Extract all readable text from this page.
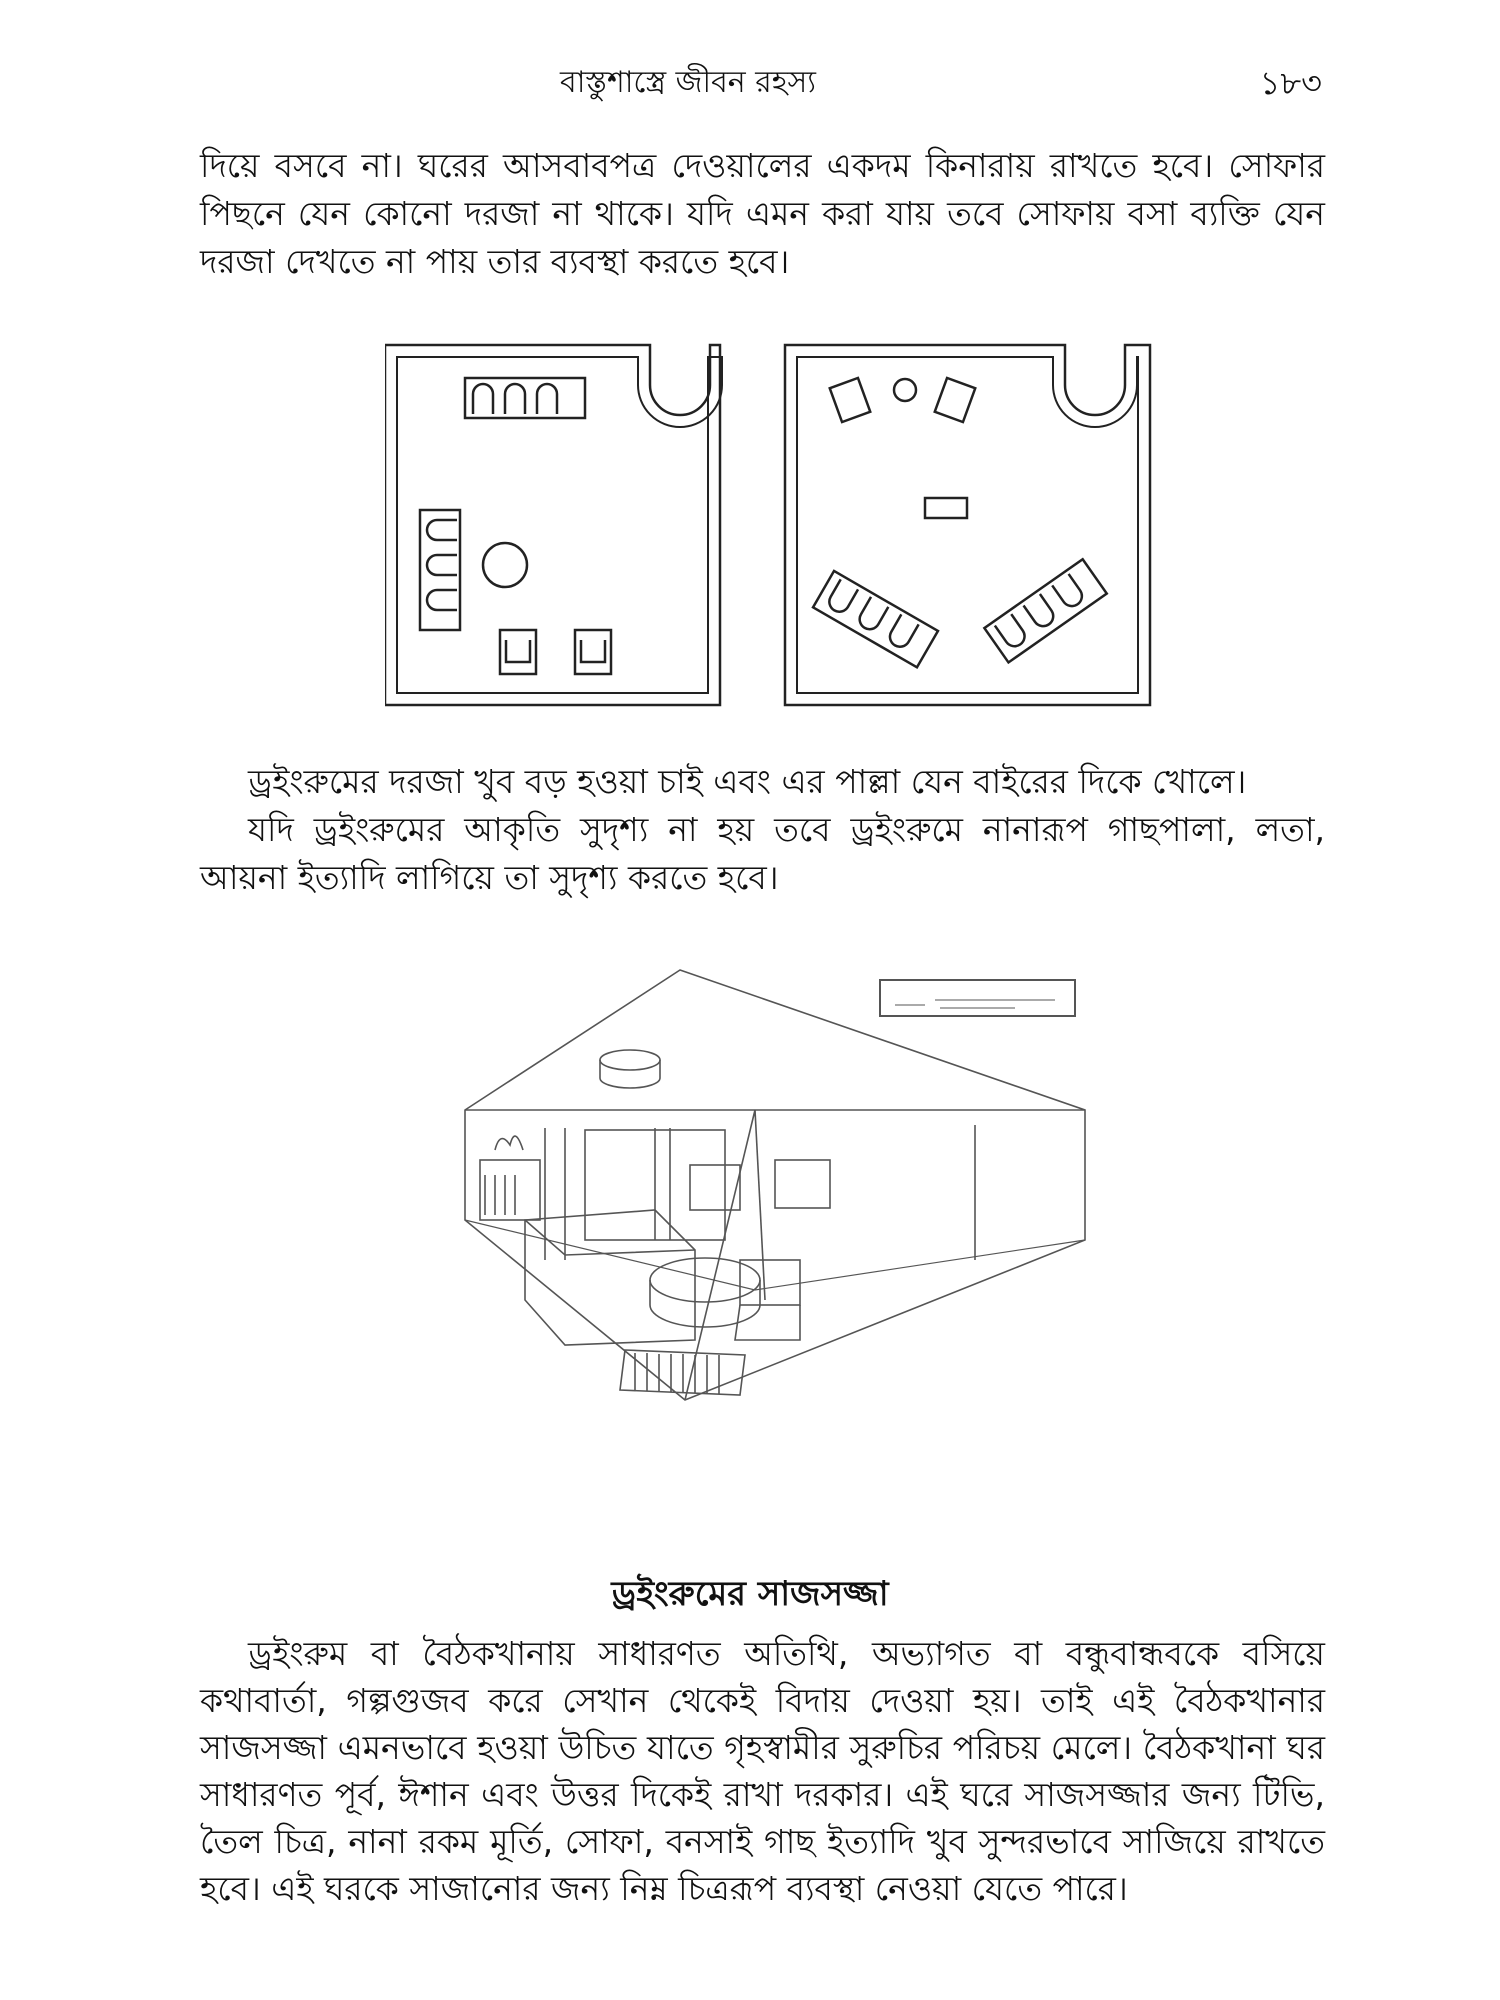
বাস্তুশাস্ত্রে জীবন রহস্য	১৮৩

দিয়ে বসবে না। ঘরের আসবাবপত্র দেওয়ালের একদম কিনারায় রাখতে হবে। সোফার পিছনে যেন কোনো দরজা না থাকে। যদি এমন করা যায় তবে সোফায় বসা ব্যক্তি যেন দরজা দেখতে না পায় তার ব্যবস্থা করতে হবে।

ড্রইংরুমের দরজা খুব বড় হওয়া চাই এবং এর পাল্লা যেন বাইরের দিকে খোলে।

যদি ড্রইংরুমের আকৃতি সুদৃশ্য না হয় তবে ড্রইংরুমে নানারূপ গাছপালা, লতা, আয়না ইত্যাদি লাগিয়ে তা সুদৃশ্য করতে হবে।

ড্রইংরুমের সাজসজ্জা

ড্রইংরুম বা বৈঠকখানায় সাধারণত অতিথি, অভ্যাগত বা বন্ধুবান্ধবকে বসিয়ে কথাবার্তা, গল্পগুজব করে সেখান থেকেই বিদায় দেওয়া হয়। তাই এই বৈঠকখানার সাজসজ্জা এমনভাবে হওয়া উচিত যাতে গৃহস্বামীর সুরুচির পরিচয় মেলে। বৈঠকখানা ঘর সাধারণত পূর্ব, ঈশান এবং উত্তর দিকেই রাখা দরকার। এই ঘরে সাজসজ্জার জন্য টিভি, তৈল চিত্র, নানা রকম মূর্তি, সোফা, বনসাই গাছ ইত্যাদি খুব সুন্দরভাবে সাজিয়ে রাখতে হবে। এই ঘরকে সাজানোর জন্য নিম্ন চিত্ররূপ ব্যবস্থা নেওয়া যেতে পারে।
